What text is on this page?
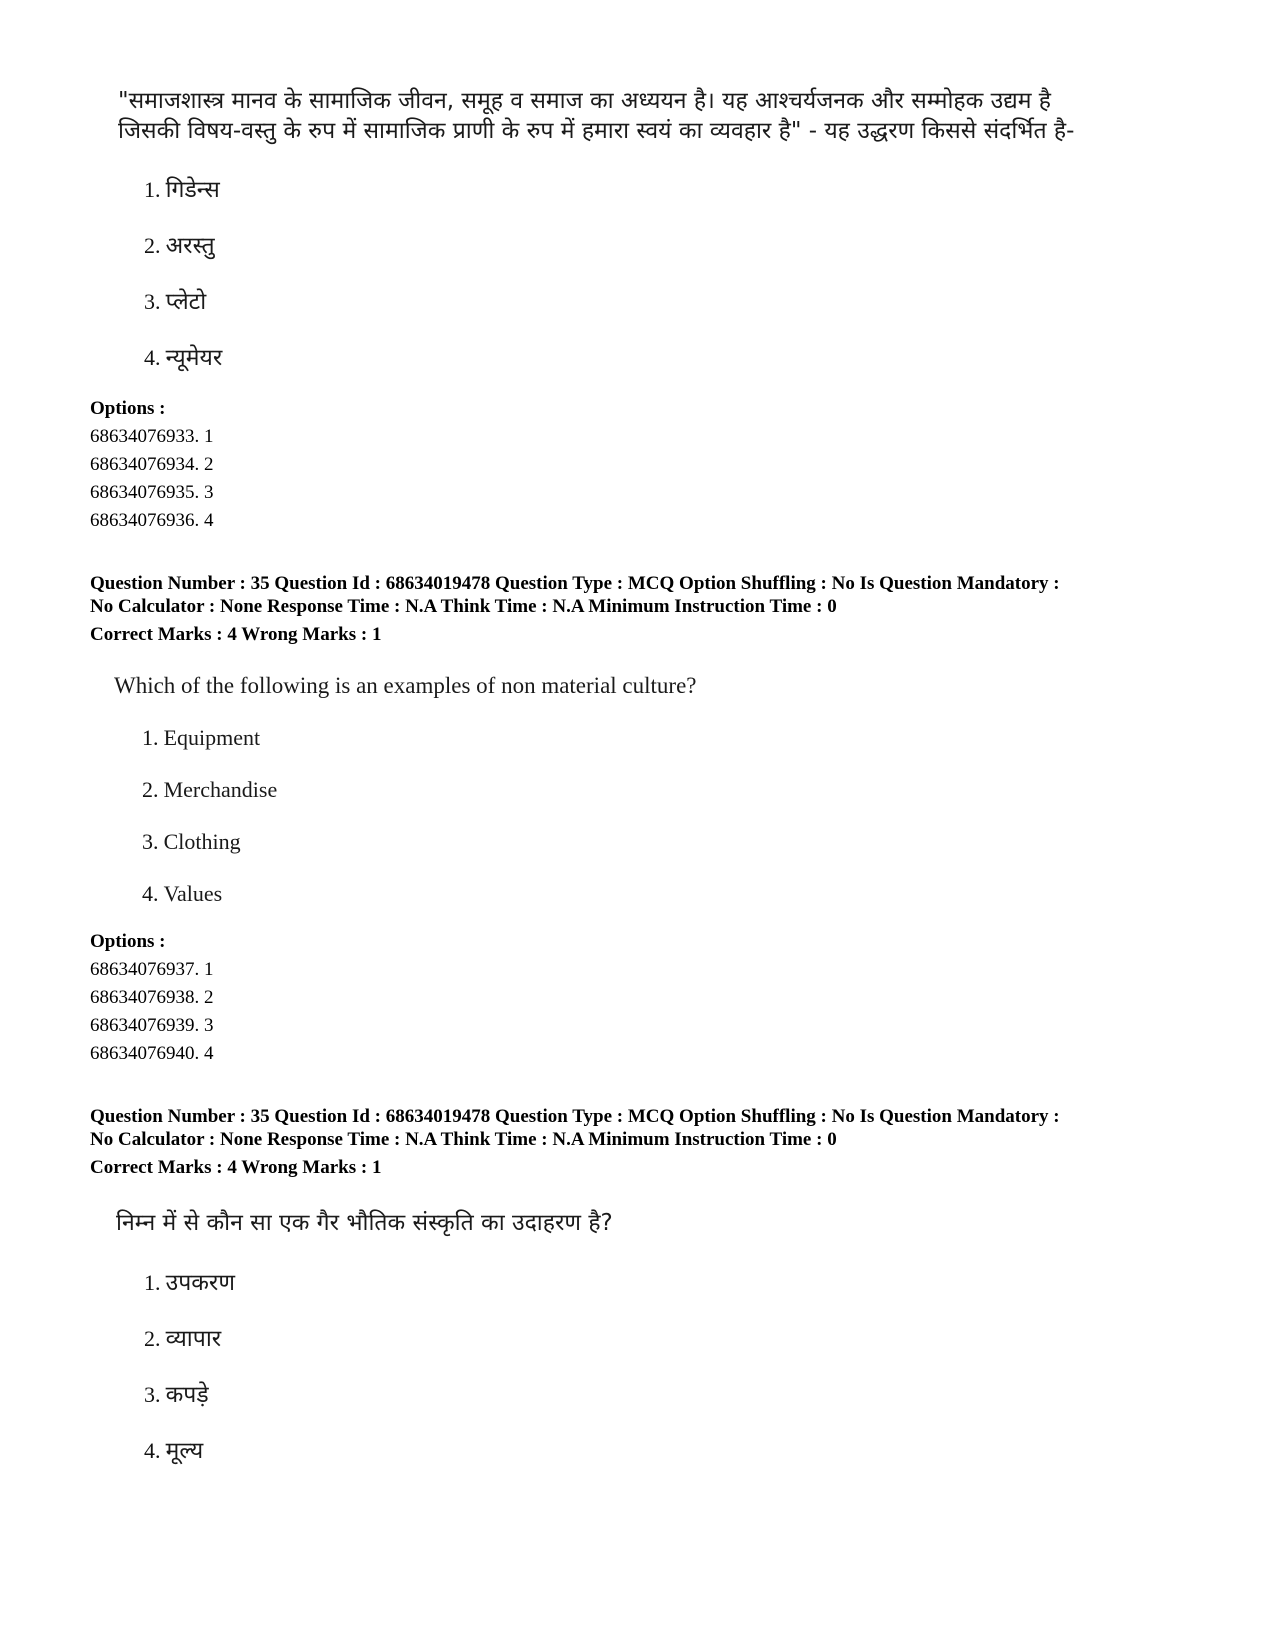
"समाजशास्त्र मानव के सामाजिक जीवन, समूह व समाज का अध्ययन है। यह आश्चर्यजनक और सम्मोहक उद्यम है
जिसकी विषय-वस्तु के रुप में सामाजिक प्राणी के रुप में हमारा स्वयं का व्यवहार है" - यह उद्धरण किससे संदर्भित है-
1. गिडेन्स
2. अरस्तु
3. प्लेटो
4. न्यूमेयर
Options :
68634076933. 1
68634076934. 2
68634076935. 3
68634076936. 4
Question Number : 35 Question Id : 68634019478 Question Type : MCQ Option Shuffling : No Is Question Mandatory :
No Calculator : None Response Time : N.A Think Time : N.A Minimum Instruction Time : 0
Correct Marks : 4 Wrong Marks : 1
Which of the following is an examples of non material culture?
1. Equipment
2. Merchandise
3. Clothing
4. Values
Options :
68634076937. 1
68634076938. 2
68634076939. 3
68634076940. 4
Question Number : 35 Question Id : 68634019478 Question Type : MCQ Option Shuffling : No Is Question Mandatory :
No Calculator : None Response Time : N.A Think Time : N.A Minimum Instruction Time : 0
Correct Marks : 4 Wrong Marks : 1
निम्न में से कौन सा एक गैर भौतिक संस्कृति का उदाहरण है?
1. उपकरण
2. व्यापार
3. कपड़े
4. मूल्य
